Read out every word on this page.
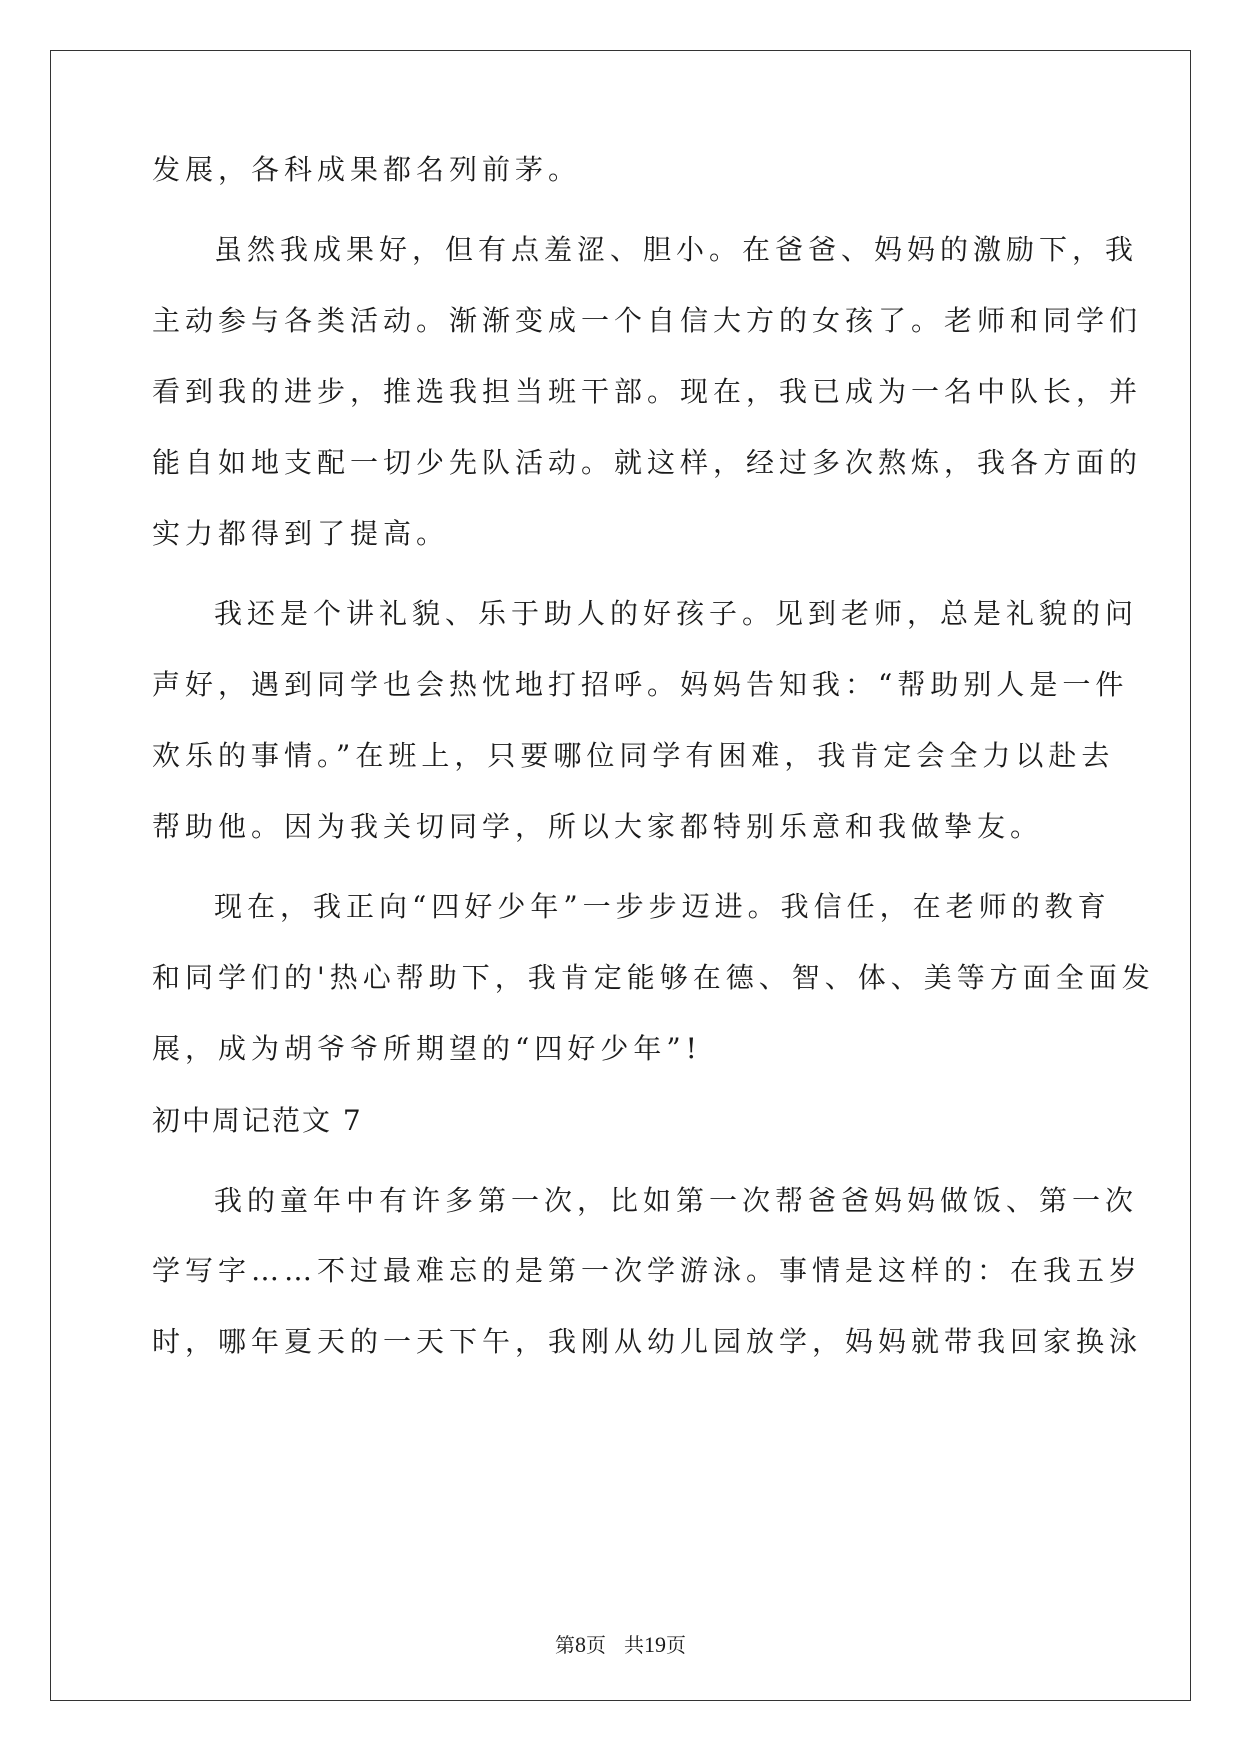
发展，各科成果都名列前茅。
虽然我成果好，但有点羞涩、胆小。在爸爸、妈妈的激励下，我
主动参与各类活动。渐渐变成一个自信大方的女孩了。老师和同学们
看到我的进步，推选我担当班干部。现在，我已成为一名中队长，并
能自如地支配一切少先队活动。就这样，经过多次熬炼，我各方面的
实力都得到了提高。
我还是个讲礼貌、乐于助人的好孩子。见到老师，总是礼貌的问
声好，遇到同学也会热忱地打招呼。妈妈告知我：“帮助别人是一件
欢乐的事情。”在班上，只要哪位同学有困难，我肯定会全力以赴去
帮助他。因为我关切同学，所以大家都特别乐意和我做挚友。
现在，我正向“四好少年”一步步迈进。我信任，在老师的教育
和同学们的'热心帮助下，我肯定能够在德、智、体、美等方面全面发
展，成为胡爷爷所期望的“四好少年”!
初中周记范文 7
我的童年中有许多第一次，比如第一次帮爸爸妈妈做饭、第一次
学写字……不过最难忘的是第一次学游泳。事情是这样的：在我五岁
时，哪年夏天的一天下午，我刚从幼儿园放学，妈妈就带我回家换泳
第8页 共19页
